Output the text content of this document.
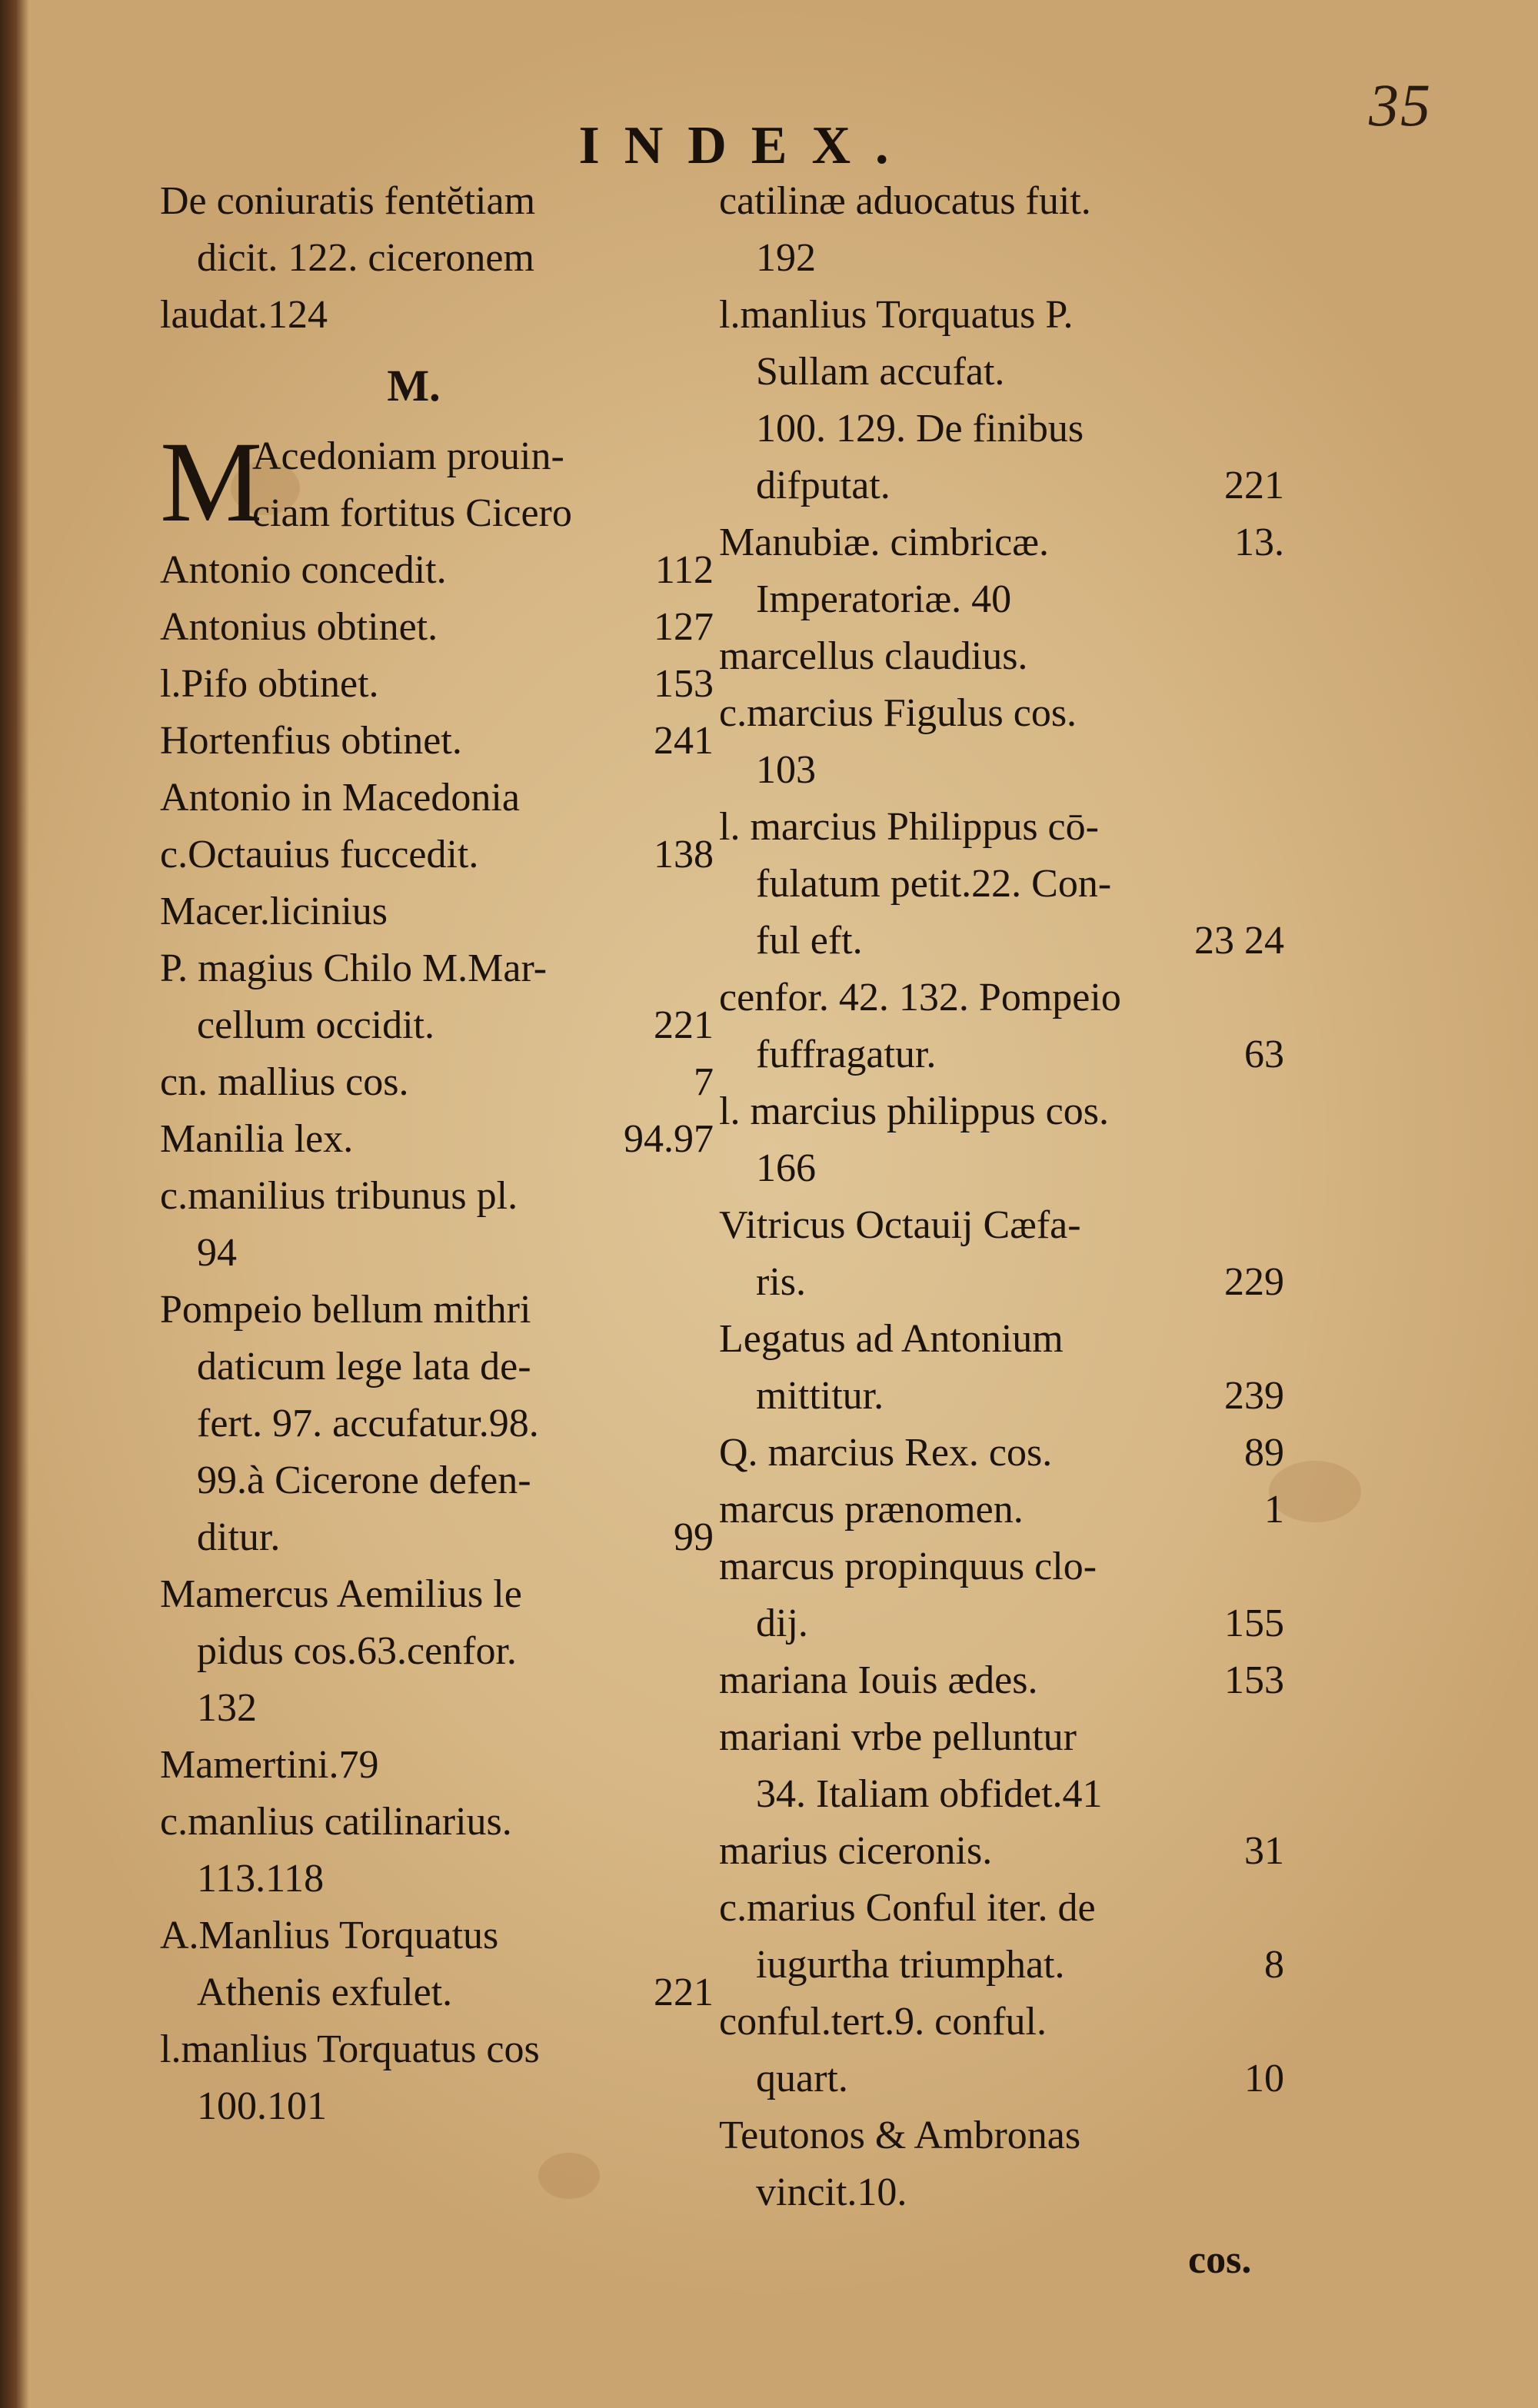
35
INDEX.
De coniuratis fentĕtiam
dicit. 122. ciceronem
laudat.124
M.
M
Acedoniam prouin-
ciam fortitus Cicero
Antonio concedit.	112
Antonius obtinet.	127
l.Pifo obtinet.	153
Hortenfius obtinet.	241
Antonio in Macedonia
c.Octauius fuccedit.	138
Macer.licinius
P. magius Chilo M.Mar-
cellum occidit.	221
cn. mallius cos.	7
Manilia lex.	94.97
c.manilius tribunus pl.
94
Pompeio bellum mithri
daticum lege lata de-
fert. 97. accufatur.98.
99.à Cicerone defen-
ditur.	99
Mamercus Aemilius le
pidus cos.63.cenfor.
132
Mamertini.79
c.manlius catilinarius.
113.118
A.Manlius Torquatus
Athenis exfulet.	221
l.manlius Torquatus cos
100.101
catilinæ aduocatus fuit.
192
l.manlius Torquatus P.
Sullam accufat.
100. 129. De finibus
difputat.	221
Manubiæ. cimbricæ.	13.
Imperatoriæ. 40
marcellus claudius.
c.marcius Figulus cos.
103
l. marcius Philippus cō-
fulatum petit.22. Con-
ful eft.	23 24
cenfor. 42. 132. Pompeio
fuffragatur.	63
l. marcius philippus cos.
166
Vitricus Octauij Cæfa-
ris.	229
Legatus ad Antonium
mittitur.	239
Q. marcius Rex. cos.	89
marcus prænomen.	1
marcus propinquus clo-
dij.	155
mariana Iouis ædes.	153
mariani vrbe pelluntur
34. Italiam obfidet.41
marius ciceronis.	31
c.marius Conful iter. de
iugurtha triumphat.	8
conful.tert.9. conful.
quart.	10
Teutonos & Ambronas
vincit.10.
cos.
